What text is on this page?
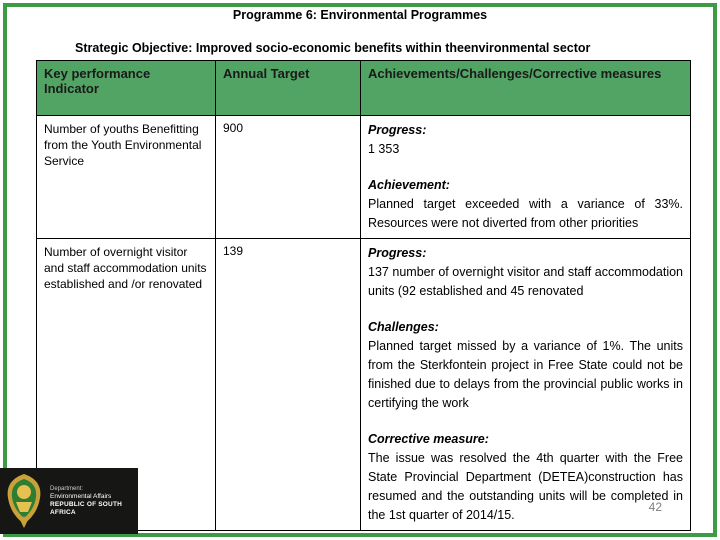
Programme 6: Environmental Programmes
Strategic Objective: Improved socio-economic benefits within theenvironmental sector
Key performance Indicator	Annual Target	Achievements/Challenges/Corrective measures
Number of youths Benefitting from the Youth Environmental Service	900	Progress:
1 353
Achievement:
Planned target exceeded with a variance of 33%. Resources were not diverted from other priorities

Number of overnight visitor and staff accommodation units established and /or renovated	139	Progress:
137 number of overnight visitor and staff accommodation units (92 established and 45 renovated
Challenges:
Planned target missed by a variance of 1%. The units from the Sterkfontein project in Free State could not be finished due to delays from the provincial public works in certifying the work
Corrective measure:
The issue was resolved the 4th quarter with the Free State Provincial Department (DETEA)construction has resumed and the outstanding units will be completed in the 1st quarter of 2014/15.
Department:
Environmental Affairs
REPUBLIC OF SOUTH AFRICA	42
